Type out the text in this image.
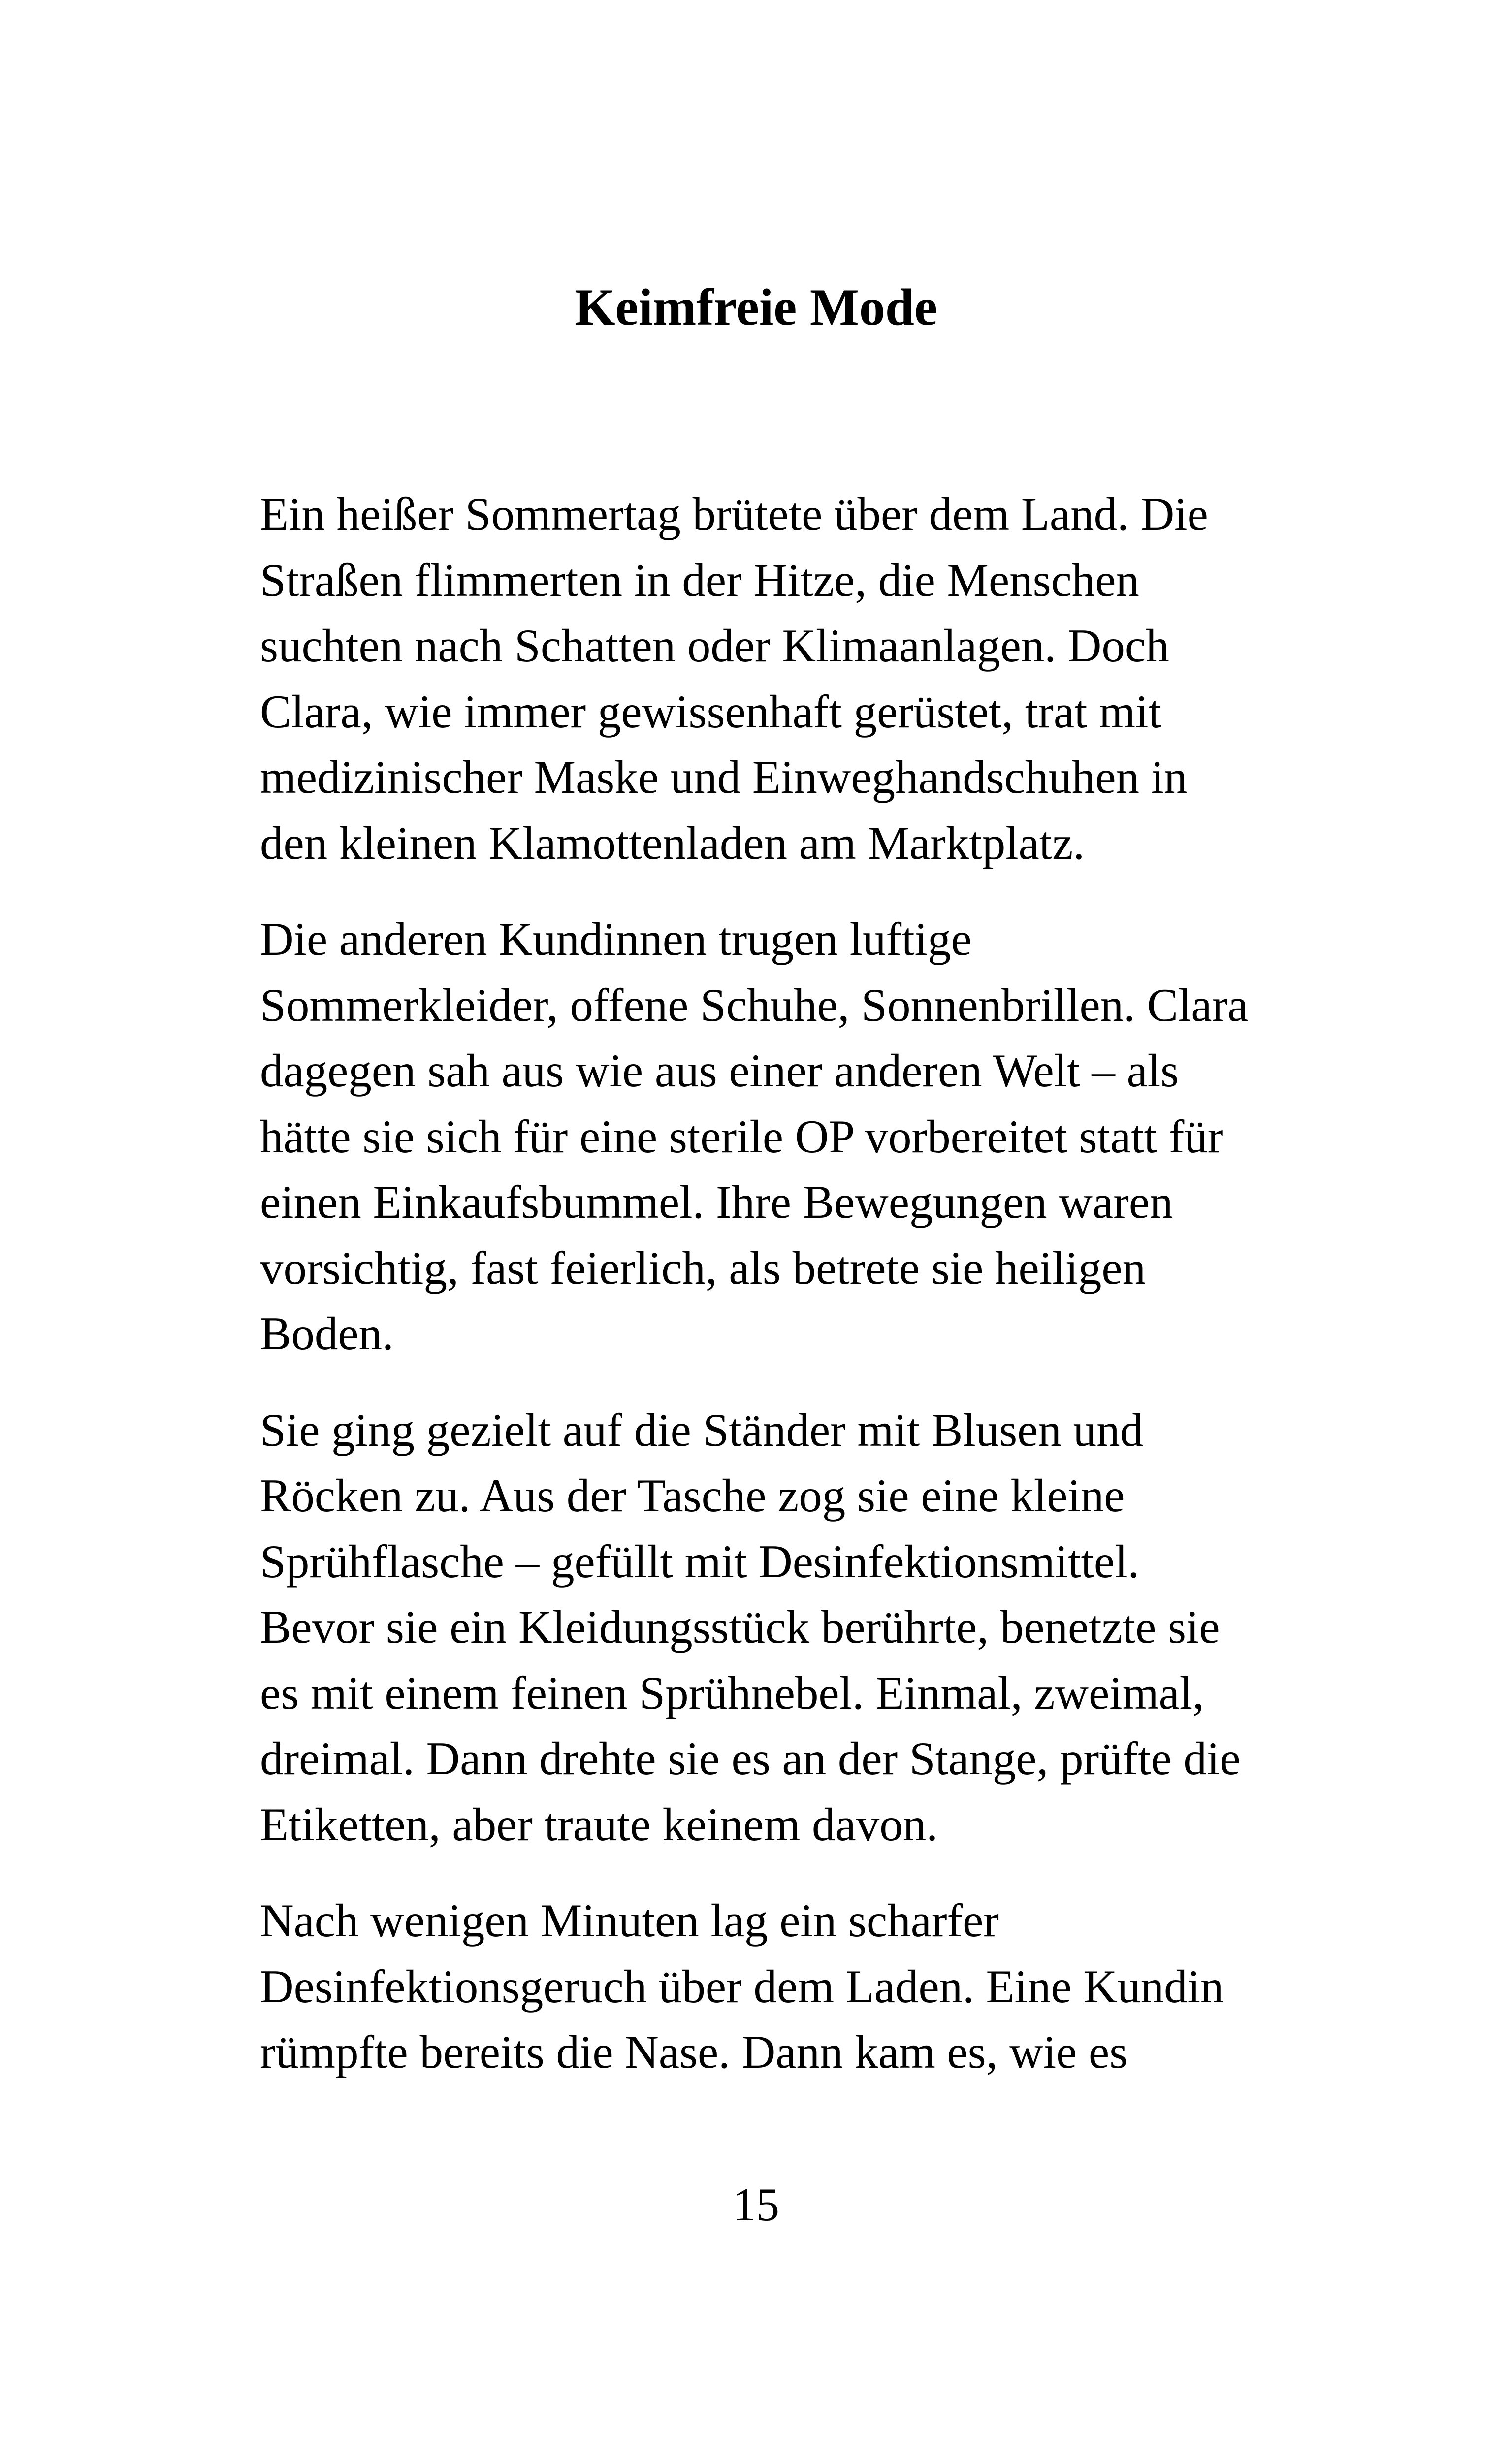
Keimfreie Mode

Ein heißer Sommertag brütete über dem Land. Die
Straßen flimmerten in der Hitze, die Menschen
suchten nach Schatten oder Klimaanlagen. Doch
Clara, wie immer gewissenhaft gerüstet, trat mit
medizinischer Maske und Einweghandschuhen in
den kleinen Klamottenladen am Marktplatz.

Die anderen Kundinnen trugen luftige
Sommerkleider, offene Schuhe, Sonnenbrillen. Clara
dagegen sah aus wie aus einer anderen Welt – als
hätte sie sich für eine sterile OP vorbereitet statt für
einen Einkaufsbummel. Ihre Bewegungen waren
vorsichtig, fast feierlich, als betrete sie heiligen
Boden.

Sie ging gezielt auf die Ständer mit Blusen und
Röcken zu. Aus der Tasche zog sie eine kleine
Sprühflasche – gefüllt mit Desinfektionsmittel.
Bevor sie ein Kleidungsstück berührte, benetzte sie
es mit einem feinen Sprühnebel. Einmal, zweimal,
dreimal. Dann drehte sie es an der Stange, prüfte die
Etiketten, aber traute keinem davon.

Nach wenigen Minuten lag ein scharfer
Desinfektionsgeruch über dem Laden. Eine Kundin
rümpfte bereits die Nase. Dann kam es, wie es

15
